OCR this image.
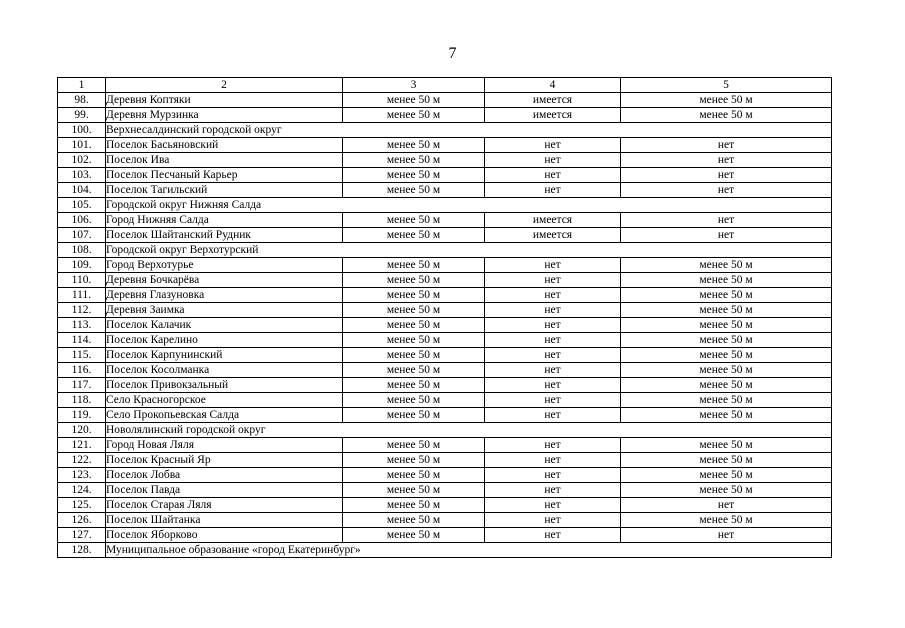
7
1	2	3	4	5
98.	Деревня Коптяки	менее 50 м	имеется	менее 50 м
99.	Деревня Мурзинка	менее 50 м	имеется	менее 50 м
100.	Верхнесалдинский городской округ			
101.	Поселок Басьяновский	менее 50 м	нет	нет
102.	Поселок Ива	менее 50 м	нет	нет
103.	Поселок Песчаный Карьер	менее 50 м	нет	нет
104.	Поселок Тагильский	менее 50 м	нет	нет
105.	Городской округ Нижняя Салда			
106.	Город Нижняя Салда	менее 50 м	имеется	нет
107.	Поселок Шайтанский Рудник	менее 50 м	имеется	нет
108.	Городской округ Верхотурский			
109.	Город Верхотурье	менее 50 м	нет	менее 50 м
110.	Деревня Бочкарёва	менее 50 м	нет	менее 50 м
111.	Деревня Глазуновка	менее 50 м	нет	менее 50 м
112.	Деревня Заимка	менее 50 м	нет	менее 50 м
113.	Поселок Калачик	менее 50 м	нет	менее 50 м
114.	Поселок Карелино	менее 50 м	нет	менее 50 м
115.	Поселок Карпунинский	менее 50 м	нет	менее 50 м
116.	Поселок Косолманка	менее 50 м	нет	менее 50 м
117.	Поселок Привокзальный	менее 50 м	нет	менее 50 м
118.	Село Красногорское	менее 50 м	нет	менее 50 м
119.	Село Прокопьевская Салда	менее 50 м	нет	менее 50 м
120.	Новолялинский городской округ			
121.	Город Новая Ляля	менее 50 м	нет	менее 50 м
122.	Поселок Красный Яр	менее 50 м	нет	менее 50 м
123.	Поселок Лобва	менее 50 м	нет	менее 50 м
124.	Поселок Павда	менее 50 м	нет	менее 50 м
125.	Поселок Старая Ляля	менее 50 м	нет	нет
126.	Поселок Шайтанка	менее 50 м	нет	менее 50 м
127.	Поселок Яборково	менее 50 м	нет	нет
128.	Муниципальное образование «город Екатеринбург»			
